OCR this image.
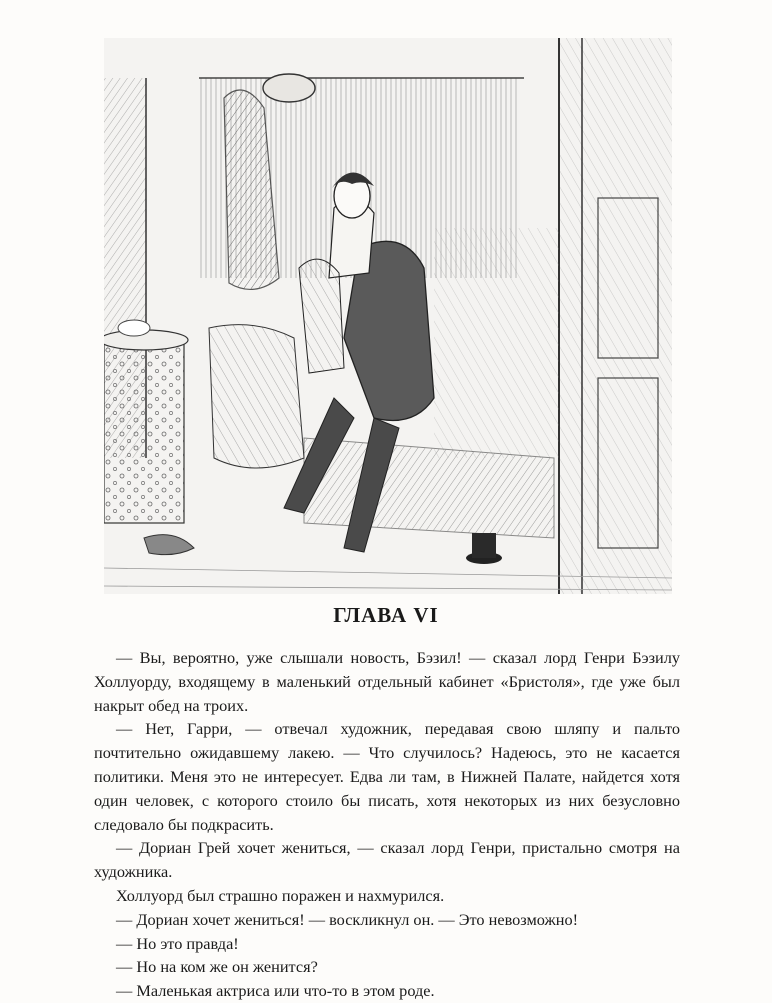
ГЛАВА VI

— Вы, вероятно, уже слышали новость, Бэзил! — сказал лорд Генри Бэзилу Холлуорду, входящему в маленький отдельный кабинет «Бристоля», где уже был накрыт обед на троих.

— Нет, Гарри, — отвечал художник, передавая свою шляпу и пальто почтительно ожидавшему лакею. — Что случилось? Надеюсь, это не касается политики. Меня это не интересует. Едва ли там, в Нижней Палате, найдется хотя один человек, с которого стоило бы писать, хотя некоторых из них безусловно следовало бы подкрасить.

— Дориан Грей хочет жениться, — сказал лорд Генри, пристально смотря на художника.

Холлуорд был страшно поражен и нахмурился.

— Дориан хочет жениться! — воскликнул он. — Это невозможно!

— Но это правда!

— Но на ком же он женится?

— Маленькая актриса или что-то в этом роде.
